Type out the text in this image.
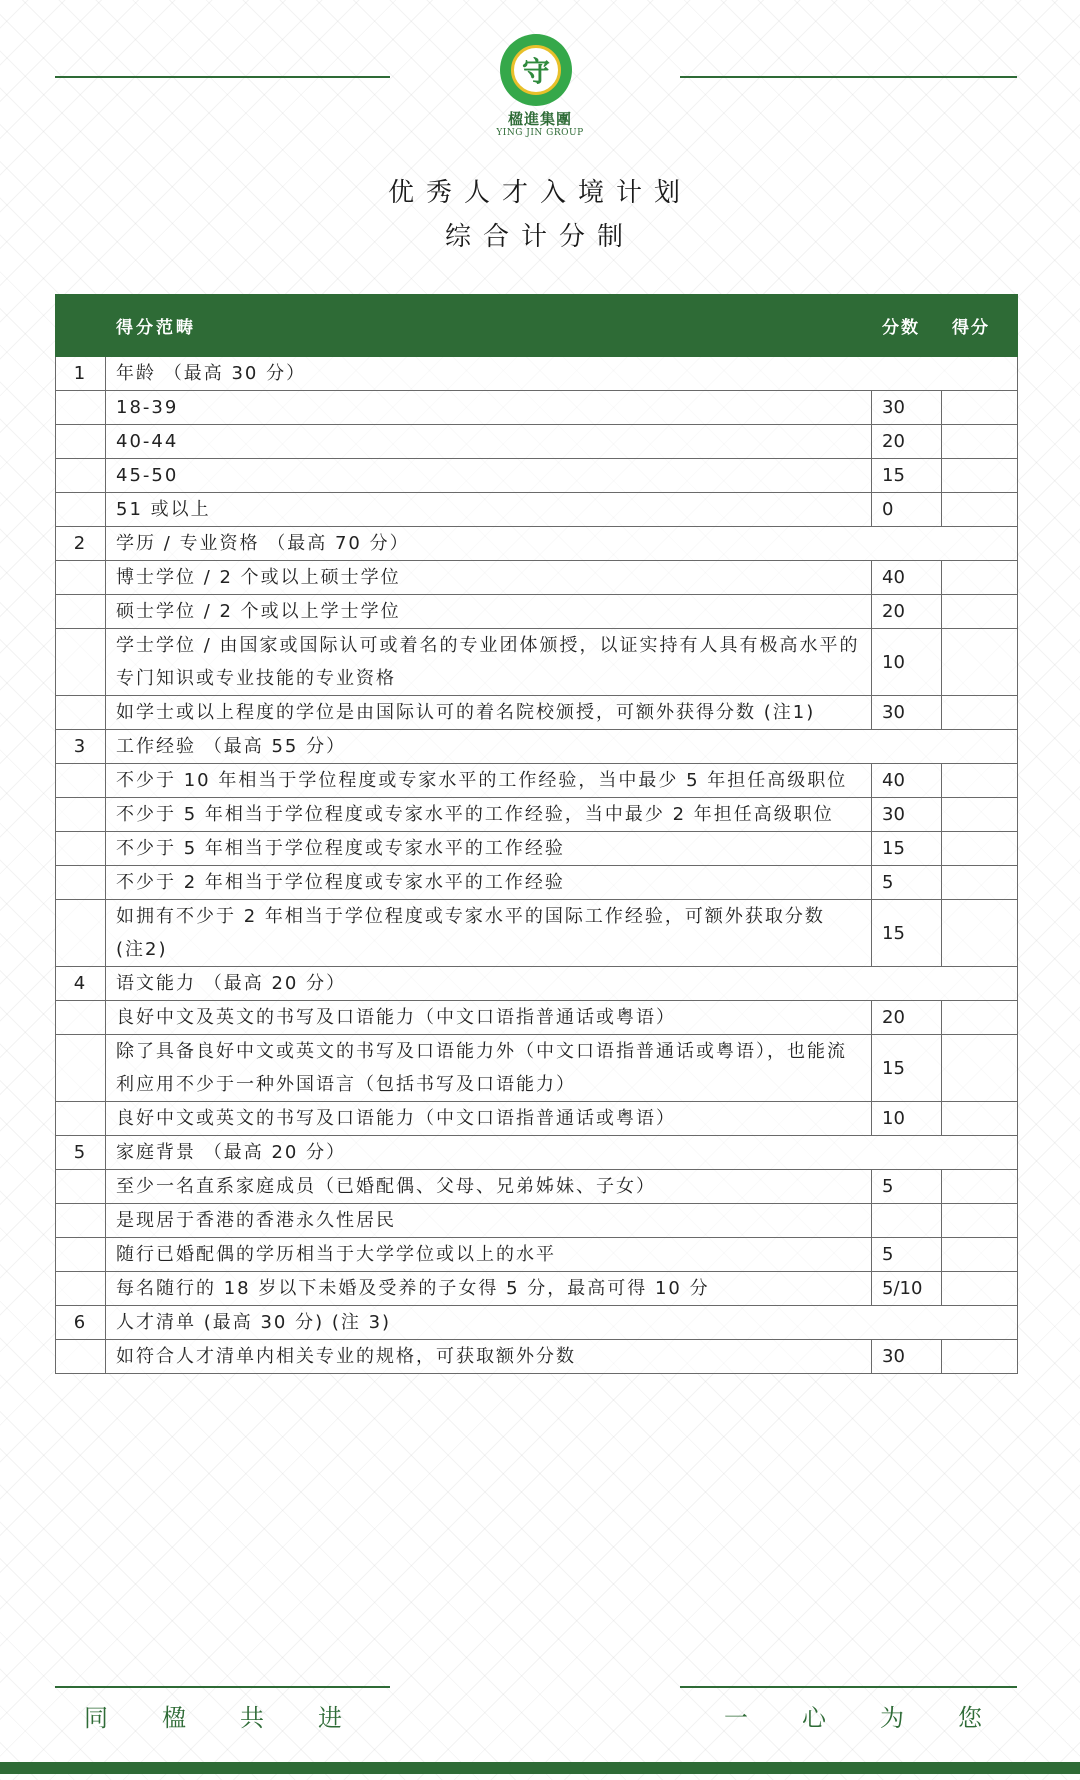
守
楹進集團
YING JIN GROUP
优秀人才入境计划
综合计分制
	得分范畴	分数	得分
1	年龄 （最高 30 分）		
	18-39	30	
	40-44	20	
	45-50	15	
	51 或以上	0	
2	学历 / 专业资格 （最高 70 分）		
	博士学位 / 2 个或以上硕士学位	40	
	硕士学位 / 2 个或以上学士学位	20	
	学士学位 / 由国家或国际认可或着名的专业团体颁授，以证实持有人具有极高水平的专门知识或专业技能的专业资格	10	
	如学士或以上程度的学位是由国际认可的着名院校颁授，可额外获得分数 (注1)	30	
3	工作经验 （最高 55 分）		
	不少于 10 年相当于学位程度或专家水平的工作经验，当中最少 5 年担任高级职位	40	
	不少于 5 年相当于学位程度或专家水平的工作经验，当中最少 2 年担任高级职位	30	
	不少于 5 年相当于学位程度或专家水平的工作经验	15	
	不少于 2 年相当于学位程度或专家水平的工作经验	5	
	如拥有不少于 2 年相当于学位程度或专家水平的国际工作经验，可额外获取分数 (注2)	15	
4	语文能力 （最高 20 分）		
	良好中文及英文的书写及口语能力（中文口语指普通话或粤语）	20	
	除了具备良好中文或英文的书写及口语能力外（中文口语指普通话或粤语），也能流利应用不少于一种外国语言（包括书写及口语能力）	15	
	良好中文或英文的书写及口语能力（中文口语指普通话或粤语）	10	
5	家庭背景 （最高 20 分）		
	至少一名直系家庭成员（已婚配偶、父母、兄弟姊妹、子女）	5	
	是现居于香港的香港永久性居民		
	随行已婚配偶的学历相当于大学学位或以上的水平	5	
	每名随行的 18 岁以下未婚及受养的子女得 5 分，最高可得 10 分	5/10	
6	人才清单 (最高 30 分) (注 3)		
	如符合人才清单内相关专业的规格，可获取额外分数	30	
同	楹	共	进	一	心	为	您
